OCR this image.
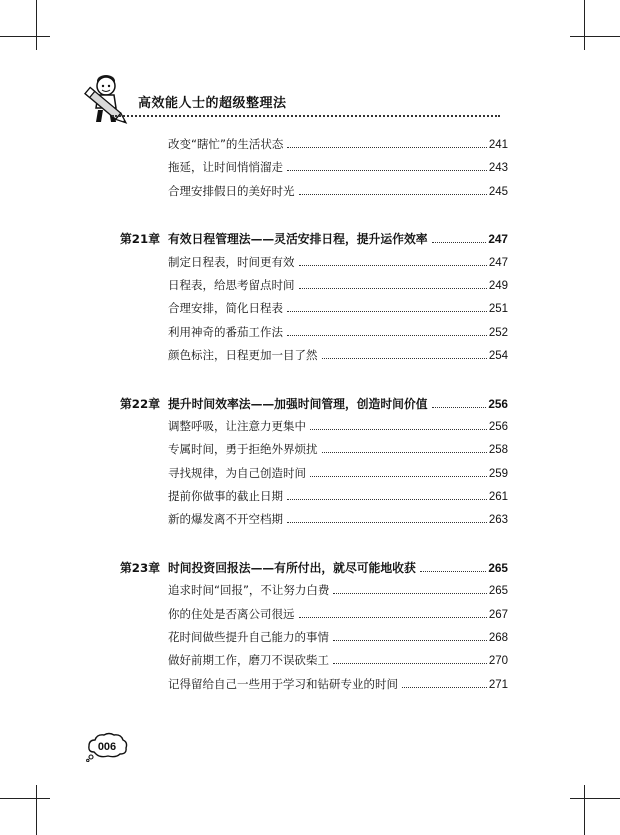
高效能人士的超级整理法
改变“瞎忙”的生活状态	241
拖延，让时间悄悄溜走	243
合理安排假日的美好时光	245
第21章 有效日程管理法——灵活安排日程，提升运作效率	247
制定日程表，时间更有效	247
日程表，给思考留点时间	249
合理安排，简化日程表	251
利用神奇的番茄工作法	252
颜色标注，日程更加一目了然	254
第22章 提升时间效率法——加强时间管理，创造时间价值	256
调整呼吸，让注意力更集中	256
专属时间，勇于拒绝外界烦扰	258
寻找规律，为自己创造时间	259
提前你做事的截止日期	261
新的爆发离不开空档期	263
第23章 时间投资回报法——有所付出，就尽可能地收获	265
追求时间“回报”，不让努力白费	265
你的住处是否离公司很远	267
花时间做些提升自己能力的事情	268
做好前期工作，磨刀不误砍柴工	270
记得留给自己一些用于学习和钻研专业的时间	271
006
